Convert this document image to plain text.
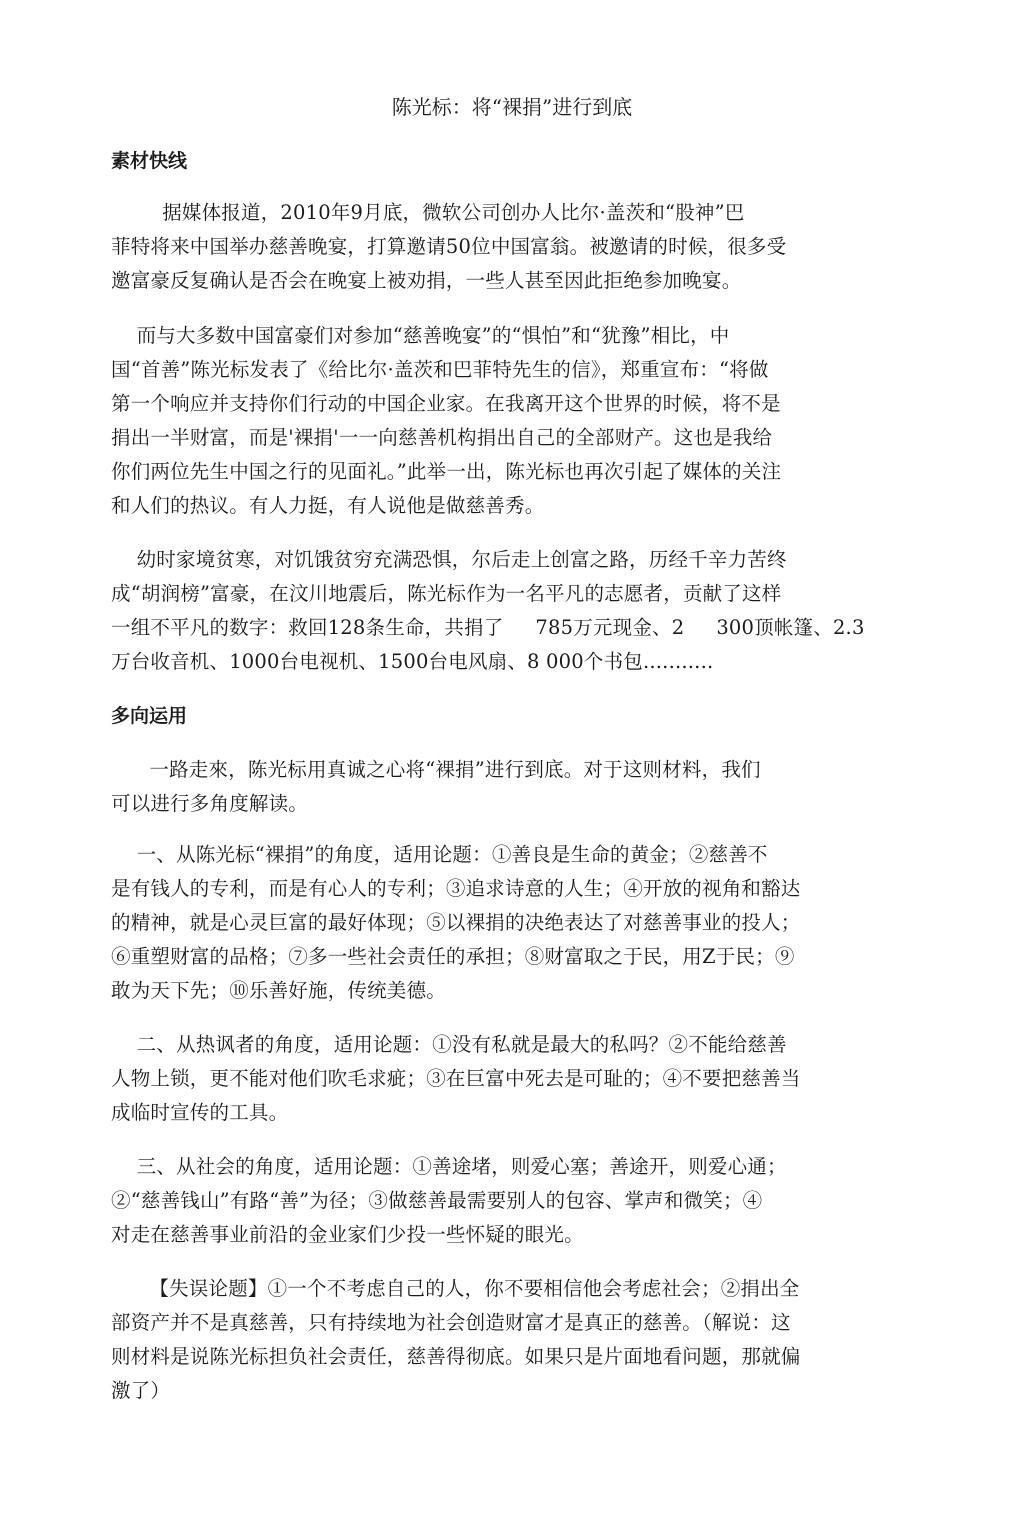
陈光标：将“裸捐”进行到底
素材快线
据媒体报道，2010年9月底，微软公司创办人比尔·盖茨和“股神”巴
菲特将来中国举办慈善晚宴，打算邀请50位中国富翁。被邀请的时候，很多受
邀富豪反复确认是否会在晚宴上被劝捐，一些人甚至因此拒绝参加晚宴。
而与大多数中国富豪们对参加“慈善晚宴”的“惧怕”和“犹豫”相比，中
国“首善”陈光标发表了《给比尔·盖茨和巴菲特先生的信》，郑重宣布：“将做
第一个响应并支持你们行动的中国企业家。在我离开这个世界的时候，将不是
捐出一半财富，而是'裸捐'一一向慈善机构捐出自己的全部财产。这也是我给
你们两位先生中国之行的见面礼。”此举一出，陈光标也再次引起了媒体的关注
和人们的热议。有人力挺，有人说他是做慈善秀。
幼时家境贫寒，对饥饿贫穷充满恐惧，尔后走上创富之路，历经千辛力苦终
成“胡润榜”富豪，在汶川地震后，陈光标作为一名平凡的志愿者，贡献了这样
一组不平凡的数字：救回128条生命，共捐了     785万元现金、2     300顶帐篷、2.3
万台收音机、1000台电视机、1500台电风扇、8 000个书包...........
多向运用
一路走來，陈光标用真诚之心将“裸捐”进行到底。对于这则材料，我们
可以进行多角度解读。
一、从陈光标“裸捐”的角度，适用论题：①善良是生命的黄金；②慈善不
是有钱人的专利，而是有心人的专利；③追求诗意的人生；④开放的视角和豁达
的精神，就是心灵巨富的最好体现；⑤以裸捐的决绝表达了对慈善事业的投人；
⑥重塑财富的品格；⑦多一些社会责任的承担；⑧财富取之于民，用Z于民；⑨
敢为天下先；⑩乐善好施，传统美德。
二、从热讽者的角度，适用论题：①没有私就是最大的私吗？②不能给慈善
人物上锁，更不能对他们吹毛求疵；③在巨富中死去是可耻的；④不要把慈善当
成临时宣传的工具。
三、从社会的角度，适用论题：①善途堵，则爱心塞；善途开，则爱心通；
②“慈善钱山”有路“善”为径；③做慈善最需要别人的包容、掌声和微笑；④
对走在慈善事业前沿的金业家们少投一些怀疑的眼光。
【失误论题】①一个不考虑自己的人，你不要相信他会考虑社会；②捐出全
部资产并不是真慈善，只有持续地为社会创造财富才是真正的慈善。（解说：这
则材料是说陈光标担负社会责任，慈善得彻底。如果只是片面地看问题，那就偏
激了）
